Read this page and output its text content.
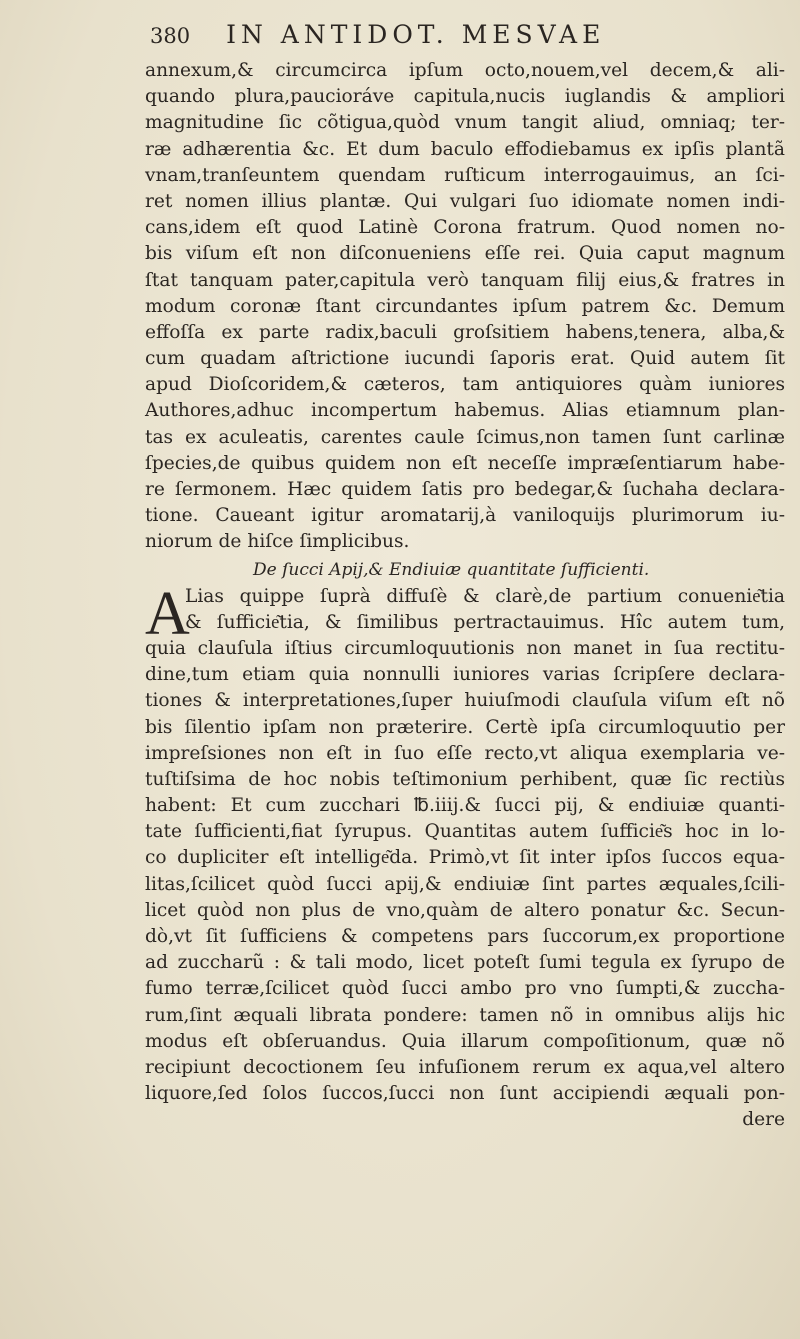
380 IN ANTIDOT. MESVAE
annexum,& circumcirca ipſum octo,nouem,vel decem,& ali-
quando plura,paucioráve capitula,nucis iuglandis & ampliori
magnitudine ſic cõtigua,quòd vnum tangit aliud, omniaq; ter-
ræ adhærentia &c. Et dum baculo effodiebamus ex ipſis plantã
vnam,tranſeuntem quendam ruſticum interrogauimus, an ſci-
ret nomen illius plantæ. Qui vulgari ſuo idiomate nomen indi-
cans,idem eſt quod Latinè Corona fratrum. Quod nomen no-
bis viſum eſt non diſconueniens eſſe rei. Quia caput magnum
ſtat tanquam pater,capitula verò tanquam filij eius,& fratres in
modum coronæ ſtant circundantes ipſum patrem &c. Demum
effoſſa ex parte radix,baculi groſsitiem habens,tenera, alba,&
cum quadam aſtrictione iucundi ſaporis erat. Quid autem ſit
apud Dioſcoridem,& cæteros, tam antiquiores quàm iuniores
Authores,adhuc incompertum habemus. Alias etiamnum plan-
tas ex aculeatis, carentes caule ſcimus,non tamen ſunt carlinæ
ſpecies,de quibus quidem non eſt neceſſe impræſentiarum habe-
re ſermonem. Hæc quidem ſatis pro bedegar,& ſuchaha declara-
tione. Caueant igitur aromatarij,à vaniloquijs plurimorum iu-
niorum de hiſce ſimplicibus.
De ſucci Apij,& Endiuiæ quantitate ſufficienti.
A
Lias quippe ſuprà diffuſè & clarè,de partium conuenie͂tia
& ſufficie͂tia, & ſimilibus pertractauimus. Hîc autem tum,
quia clauſula iſtius circumloquutionis non manet in ſua rectitu-
dine,tum etiam quia nonnulli iuniores varias ſcripſere declara-
tiones & interpretationes,ſuper huiuſmodi clauſula viſum eſt nõ
bis ſilentio ipſam non præterire. Certè ipſa circumloquutio per
impreſsiones non eſt in ſuo eſſe recto,vt aliqua exemplaria ve-
tuſtiſsima de hoc nobis teſtimonium perhibent, quæ ſic rectiùs
habent: Et cum zucchari ℔.iiij.& ſucci pij, & endiuiæ quanti-
tate ſufficienti,fiat ſyrupus. Quantitas autem ſufficie͂s hoc in lo-
co dupliciter eſt intellige͂da. Primò,vt ſit inter ipſos ſuccos equa-
litas,ſcilicet quòd ſucci apij,& endiuiæ ſint partes æquales,ſcili-
licet quòd non plus de vno,quàm de altero ponatur &c. Secun-
dò,vt ſit ſufficiens & competens pars ſuccorum,ex proportione
ad zuccharũ : & tali modo, licet poteſt ſumi tegula ex ſyrupo de
fumo terræ,ſcilicet quòd ſucci ambo pro vno ſumpti,& zuccha-
rum,ſint æquali librata pondere: tamen nõ in omnibus alijs hic
modus eſt obſeruandus. Quia illarum compoſitionum, quæ nõ
recipiunt decoctionem ſeu infuſionem rerum ex aqua,vel altero
liquore,ſed ſolos ſuccos,ſucci non ſunt accipiendi æquali pon-
dere
